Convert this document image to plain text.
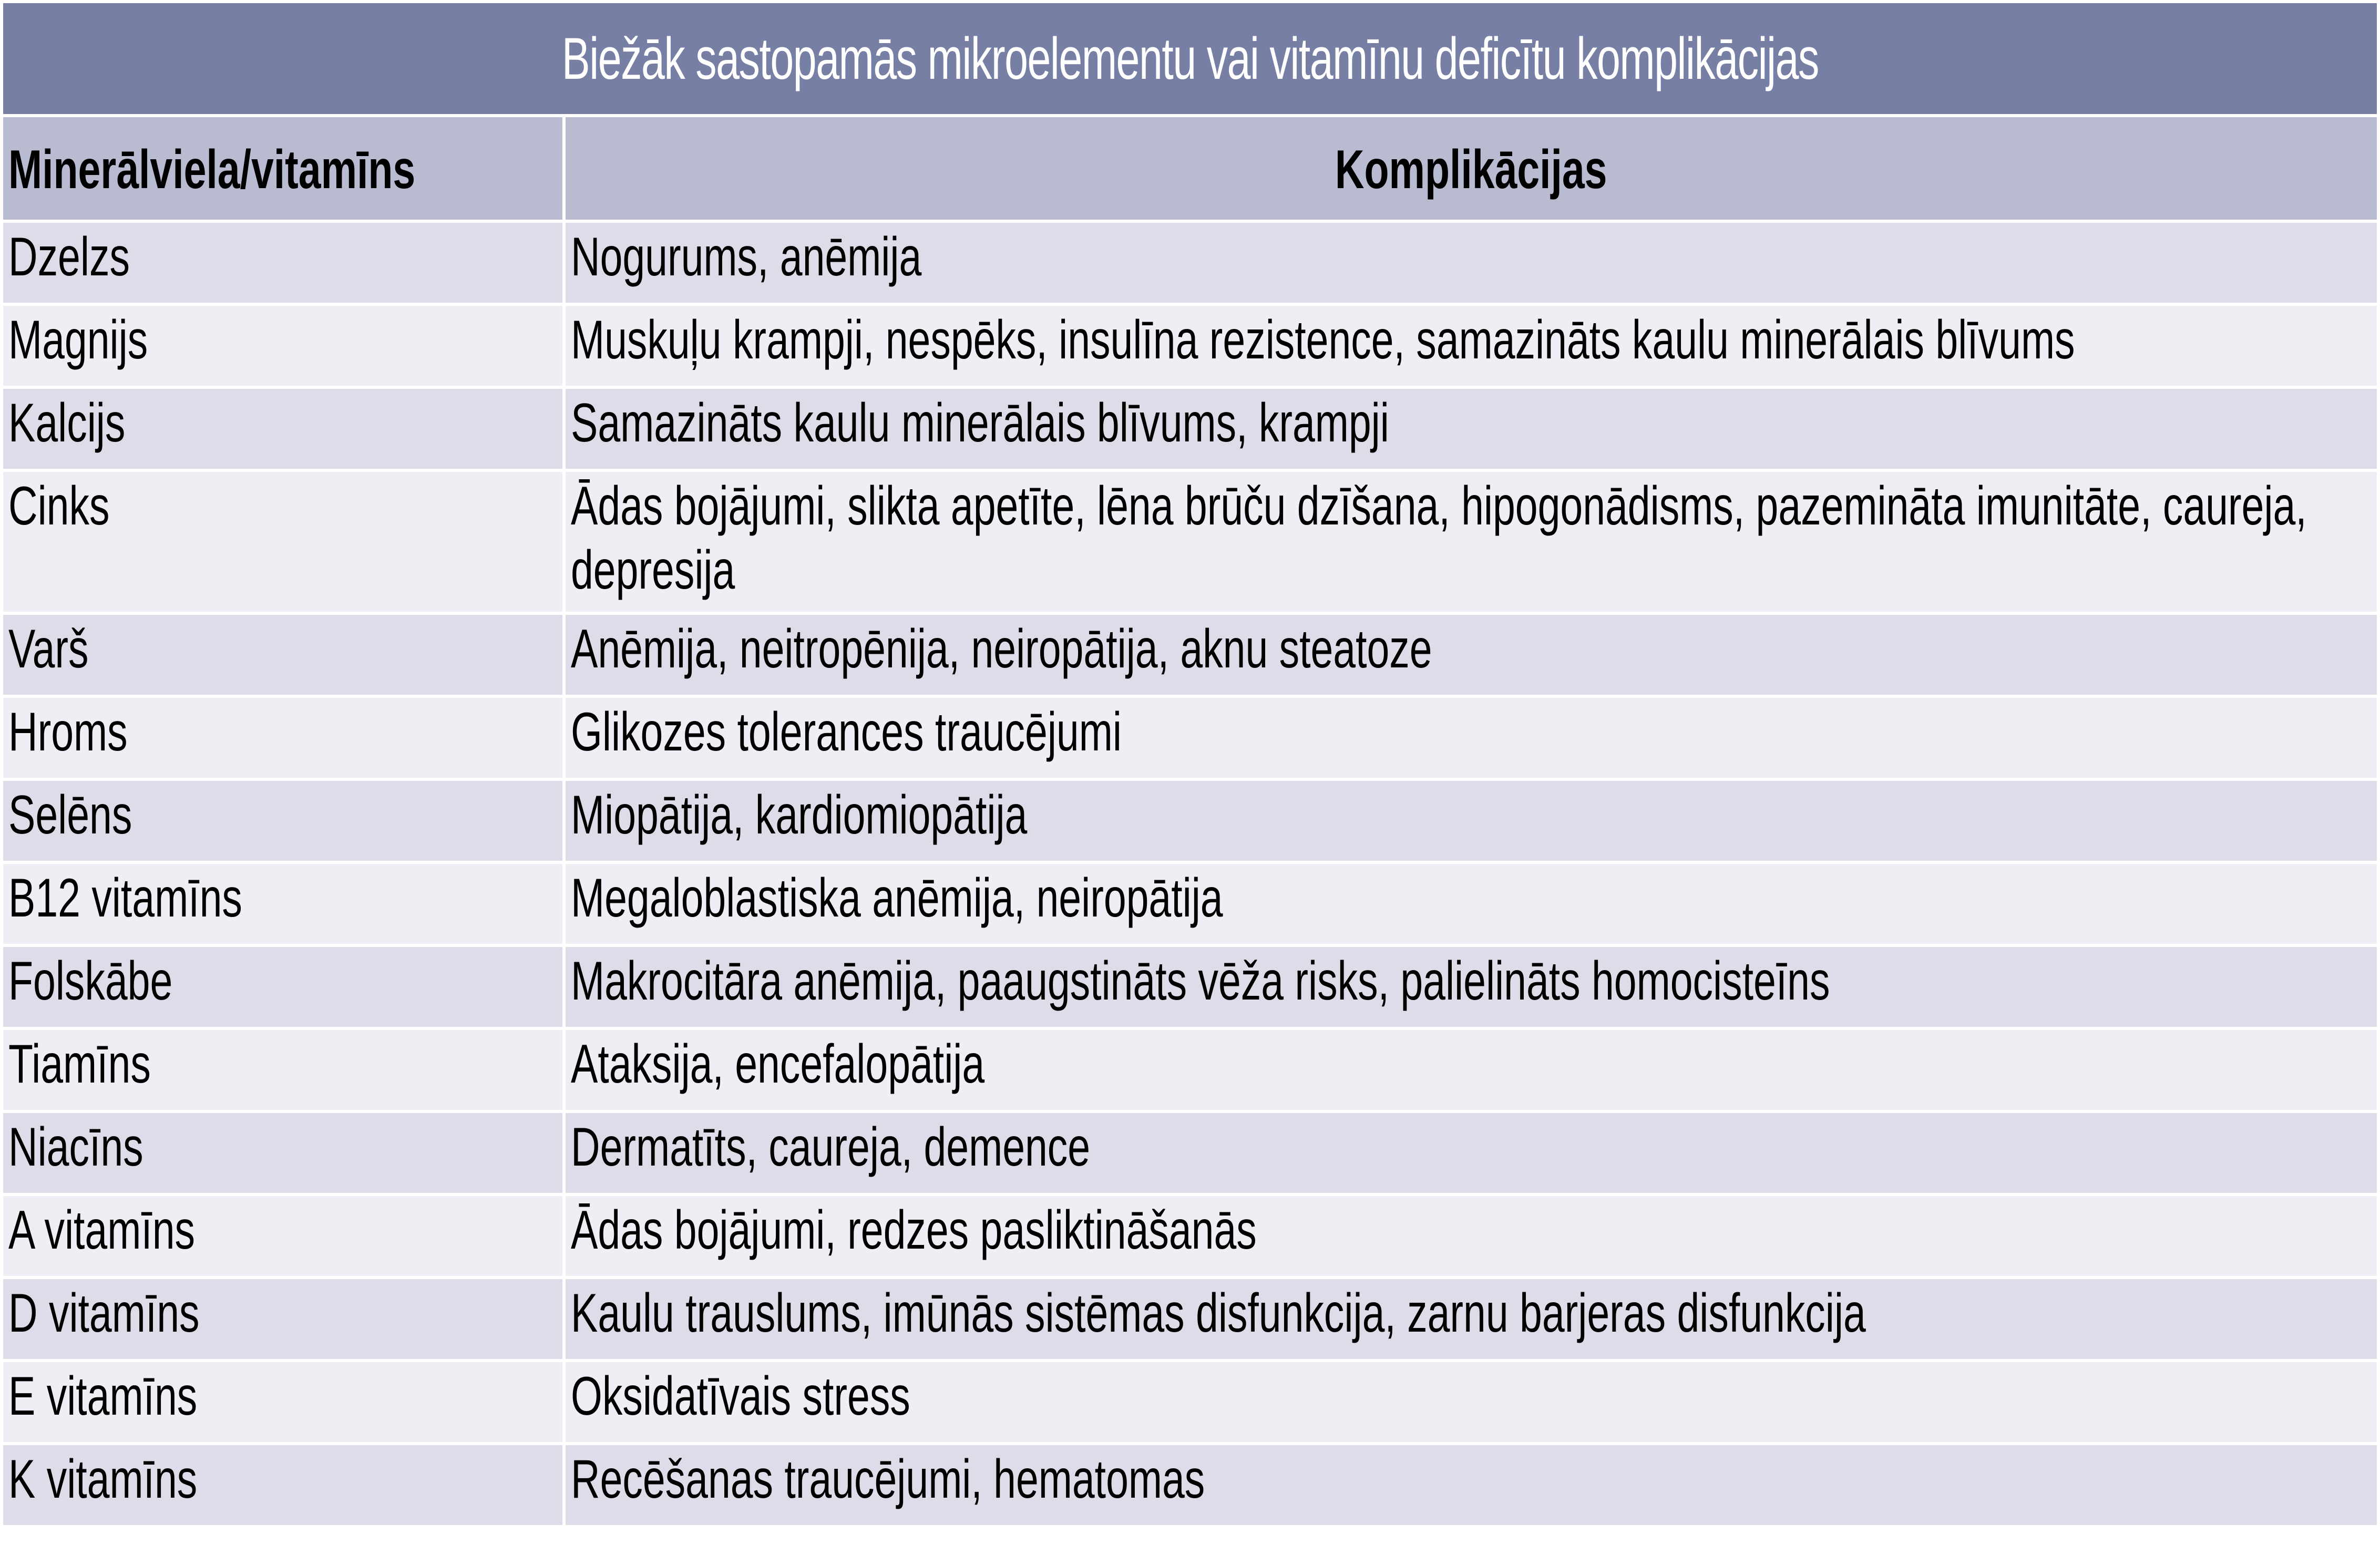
Biežāk sastopamās mikroelementu vai vitamīnu deficītu komplikācijas
Minerālviela/vitamīns	Komplikācijas
Dzelzs	Nogurums, anēmija
Magnijs	Muskuļu krampji, nespēks, insulīna rezistence, samazināts kaulu minerālais blīvums
Kalcijs	Samazināts kaulu minerālais blīvums, krampji
Cinks	Ādas bojājumi, slikta apetīte, lēna brūču dzīšana, hipogonādisms, pazemināta imunitāte, caureja, depresija
Varš	Anēmija, neitropēnija, neiropātija, aknu steatoze
Hroms	Glikozes tolerances traucējumi
Selēns	Miopātija, kardiomiopātija
B12 vitamīns	Megaloblastiska anēmija, neiropātija
Folskābe	Makrocitāra anēmija, paaugstināts vēža risks, palielināts homocisteīns
Tiamīns	Ataksija, encefalopātija
Niacīns	Dermatīts, caureja, demence
A vitamīns	Ādas bojājumi, redzes pasliktināšanās
D vitamīns	Kaulu trauslums, imūnās sistēmas disfunkcija, zarnu barjeras disfunkcija
E vitamīns	Oksidatīvais stress
K vitamīns	Recēšanas traucējumi, hematomas
